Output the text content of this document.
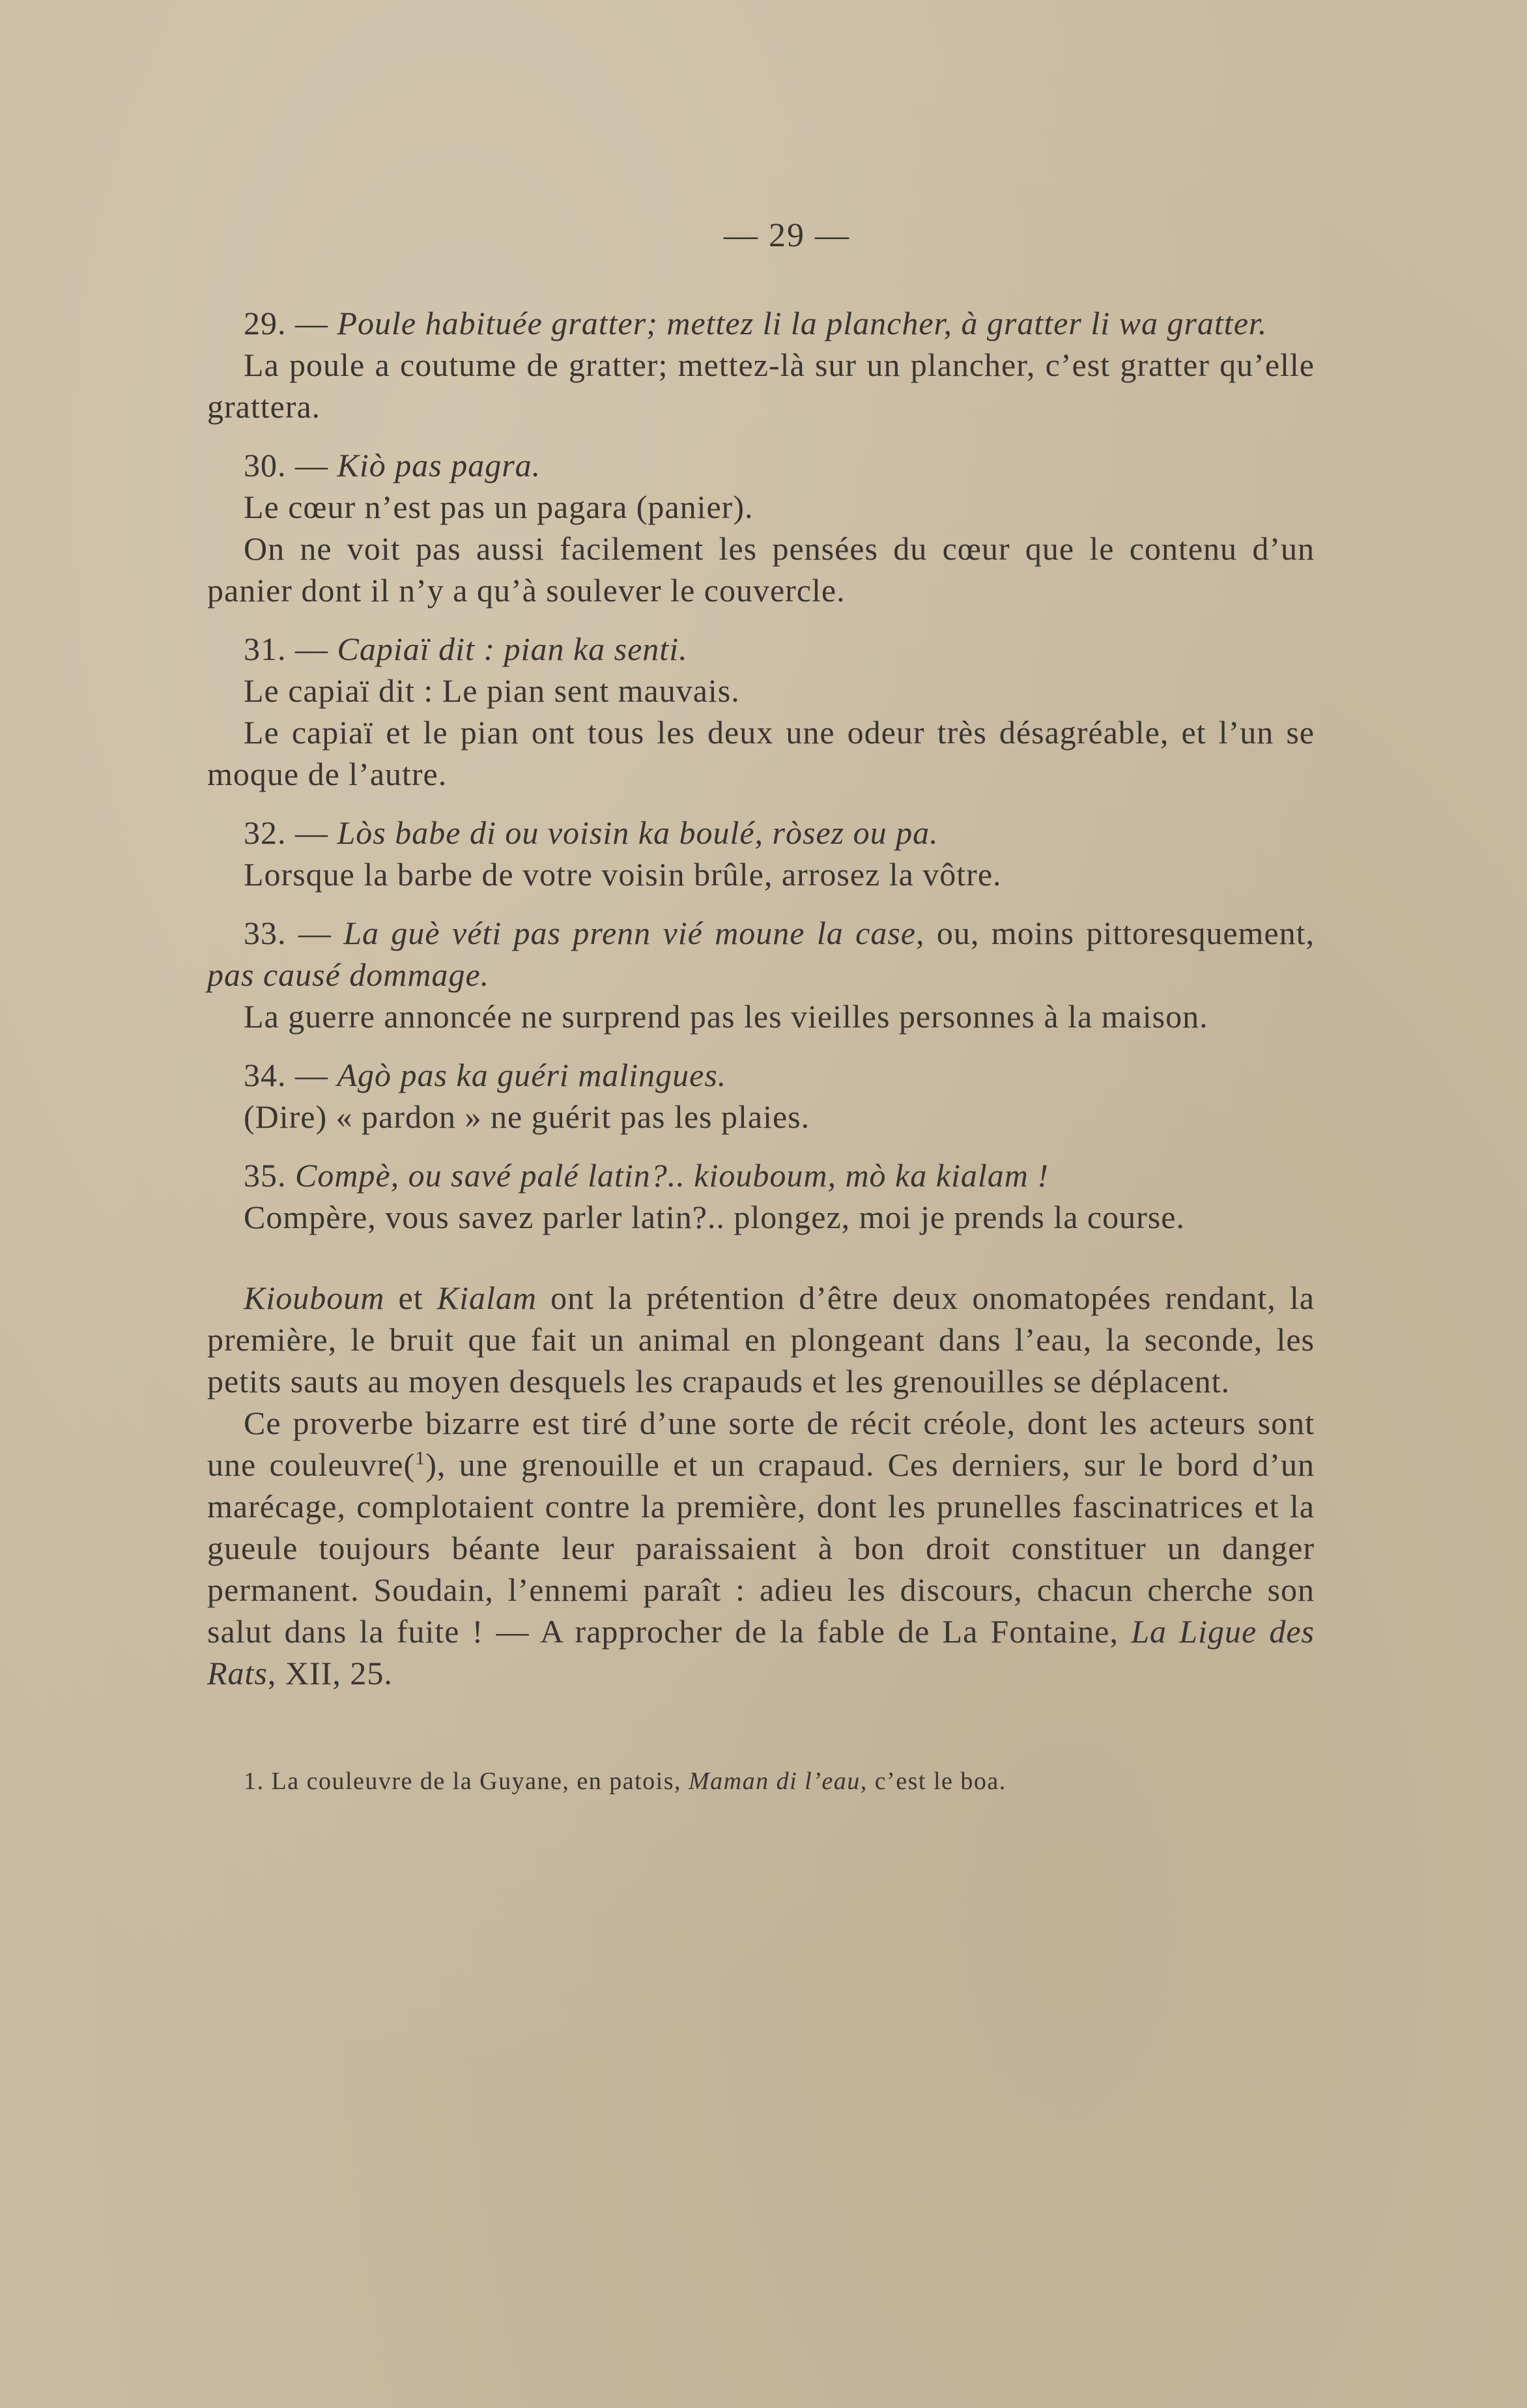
— 29 —

29. — Poule habituée gratter; mettez li la plancher, à gratter li wa gratter.

La poule a coutume de gratter; mettez-là sur un plancher, c’est gratter qu’elle grattera.

30. — Kiò pas pagra.

Le cœur n’est pas un pagara (panier).

On ne voit pas aussi facilement les pensées du cœur que le contenu d’un panier dont il n’y a qu’à soulever le couvercle.

31. — Capiaï dit : pian ka senti.

Le capiaï dit : Le pian sent mauvais.

Le capiaï et le pian ont tous les deux une odeur très désagréable, et l’un se moque de l’autre.

32. — Lòs babe di ou voisin ka boulé, ròsez ou pa.

Lorsque la barbe de votre voisin brûle, arrosez la vôtre.

33. — La guè véti pas prenn vié moune la case, ou, moins pittoresquement, pas causé dommage.

La guerre annoncée ne surprend pas les vieilles personnes à la maison.

34. — Agò pas ka guéri malingues.

(Dire) « pardon » ne guérit pas les plaies.

35. Compè, ou savé palé latin?.. kiouboum, mò ka kialam !

Compère, vous savez parler latin?.. plongez, moi je prends la course.

Kiouboum et Kialam ont la prétention d’être deux onomatopées rendant, la première, le bruit que fait un animal en plongeant dans l’eau, la seconde, les petits sauts au moyen desquels les crapauds et les grenouilles se déplacent.

Ce proverbe bizarre est tiré d’une sorte de récit créole, dont les acteurs sont une couleuvre($^1$), une grenouille et un crapaud. Ces derniers, sur le bord d’un marécage, complotaient contre la première, dont les prunelles fascinatrices et la gueule toujours béante leur paraissaient à bon droit constituer un danger permanent. Soudain, l’ennemi paraît : adieu les discours, chacun cherche son salut dans la fuite ! — A rapprocher de la fable de La Fontaine, La Ligue des Rats, XII, 25.

1. La couleuvre de la Guyane, en patois, Maman di l’eau, c’est le boa.
